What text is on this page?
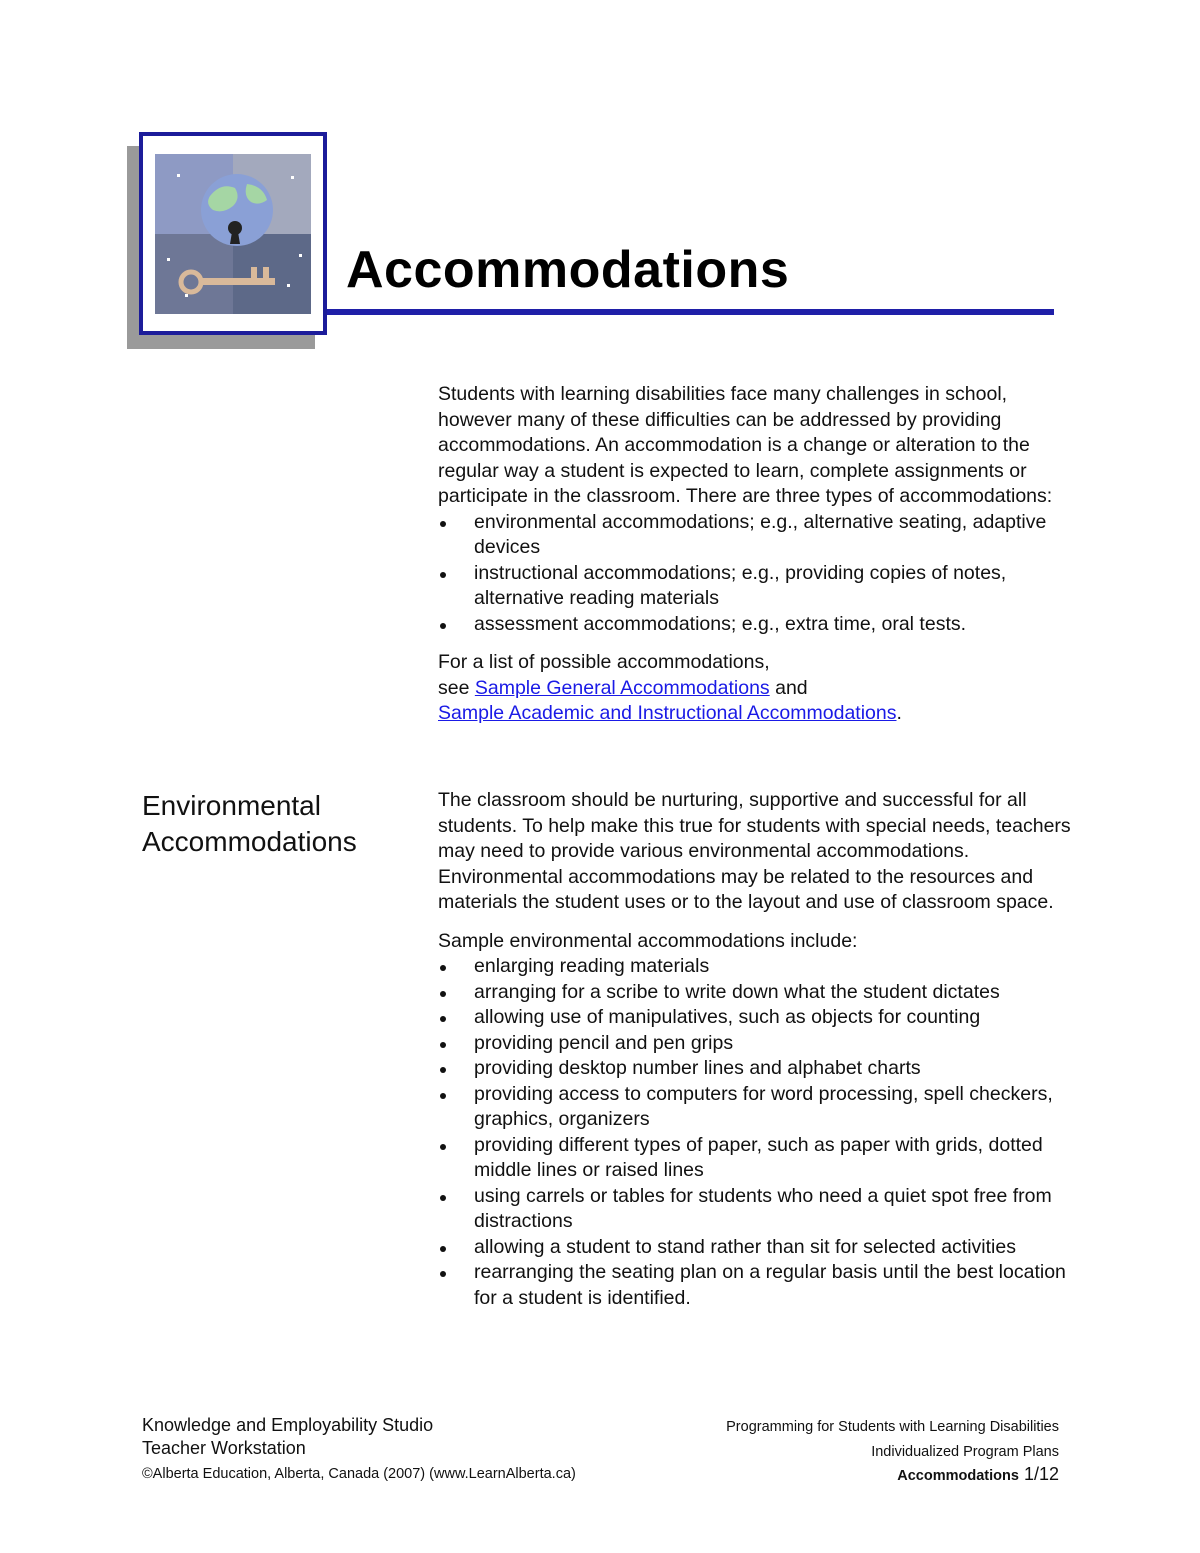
Accommodations

Students with learning disabilities face many challenges in school, however many of these difficulties can be addressed by providing accommodations. An accommodation is a change or alteration to the regular way a student is expected to learn, complete assignments or participate in the classroom. There are three types of accommodations:

environmental accommodations; e.g., alternative seating, adaptive devices
instructional accommodations; e.g., providing copies of notes, alternative reading materials
assessment accommodations; e.g., extra time, oral tests.

For a list of possible accommodations,
see Sample General Accommodations and
Sample Academic and Instructional Accommodations.

Environmental
Accommodations

The classroom should be nurturing, supportive and successful for all students. To help make this true for students with special needs, teachers may need to provide various environmental accommodations. Environmental accommodations may be related to the resources and materials the student uses or to the layout and use of classroom space.

Sample environmental accommodations include:

enlarging reading materials
arranging for a scribe to write down what the student dictates
allowing use of manipulatives, such as objects for counting
providing pencil and pen grips
providing desktop number lines and alphabet charts
providing access to computers for word processing, spell checkers, graphics, organizers
providing different types of paper, such as paper with grids, dotted middle lines or raised lines
using carrels or tables for students who need a quiet spot free from distractions
allowing a student to stand rather than sit for selected activities
rearranging the seating plan on a regular basis until the best location for a student is identified.
Knowledge and Employability Studio
Teacher Workstation
©Alberta Education, Alberta, Canada (2007) (www.LearnAlberta.ca)
Programming for Students with Learning Disabilities
Individualized Program Plans
Accommodations 1/12
